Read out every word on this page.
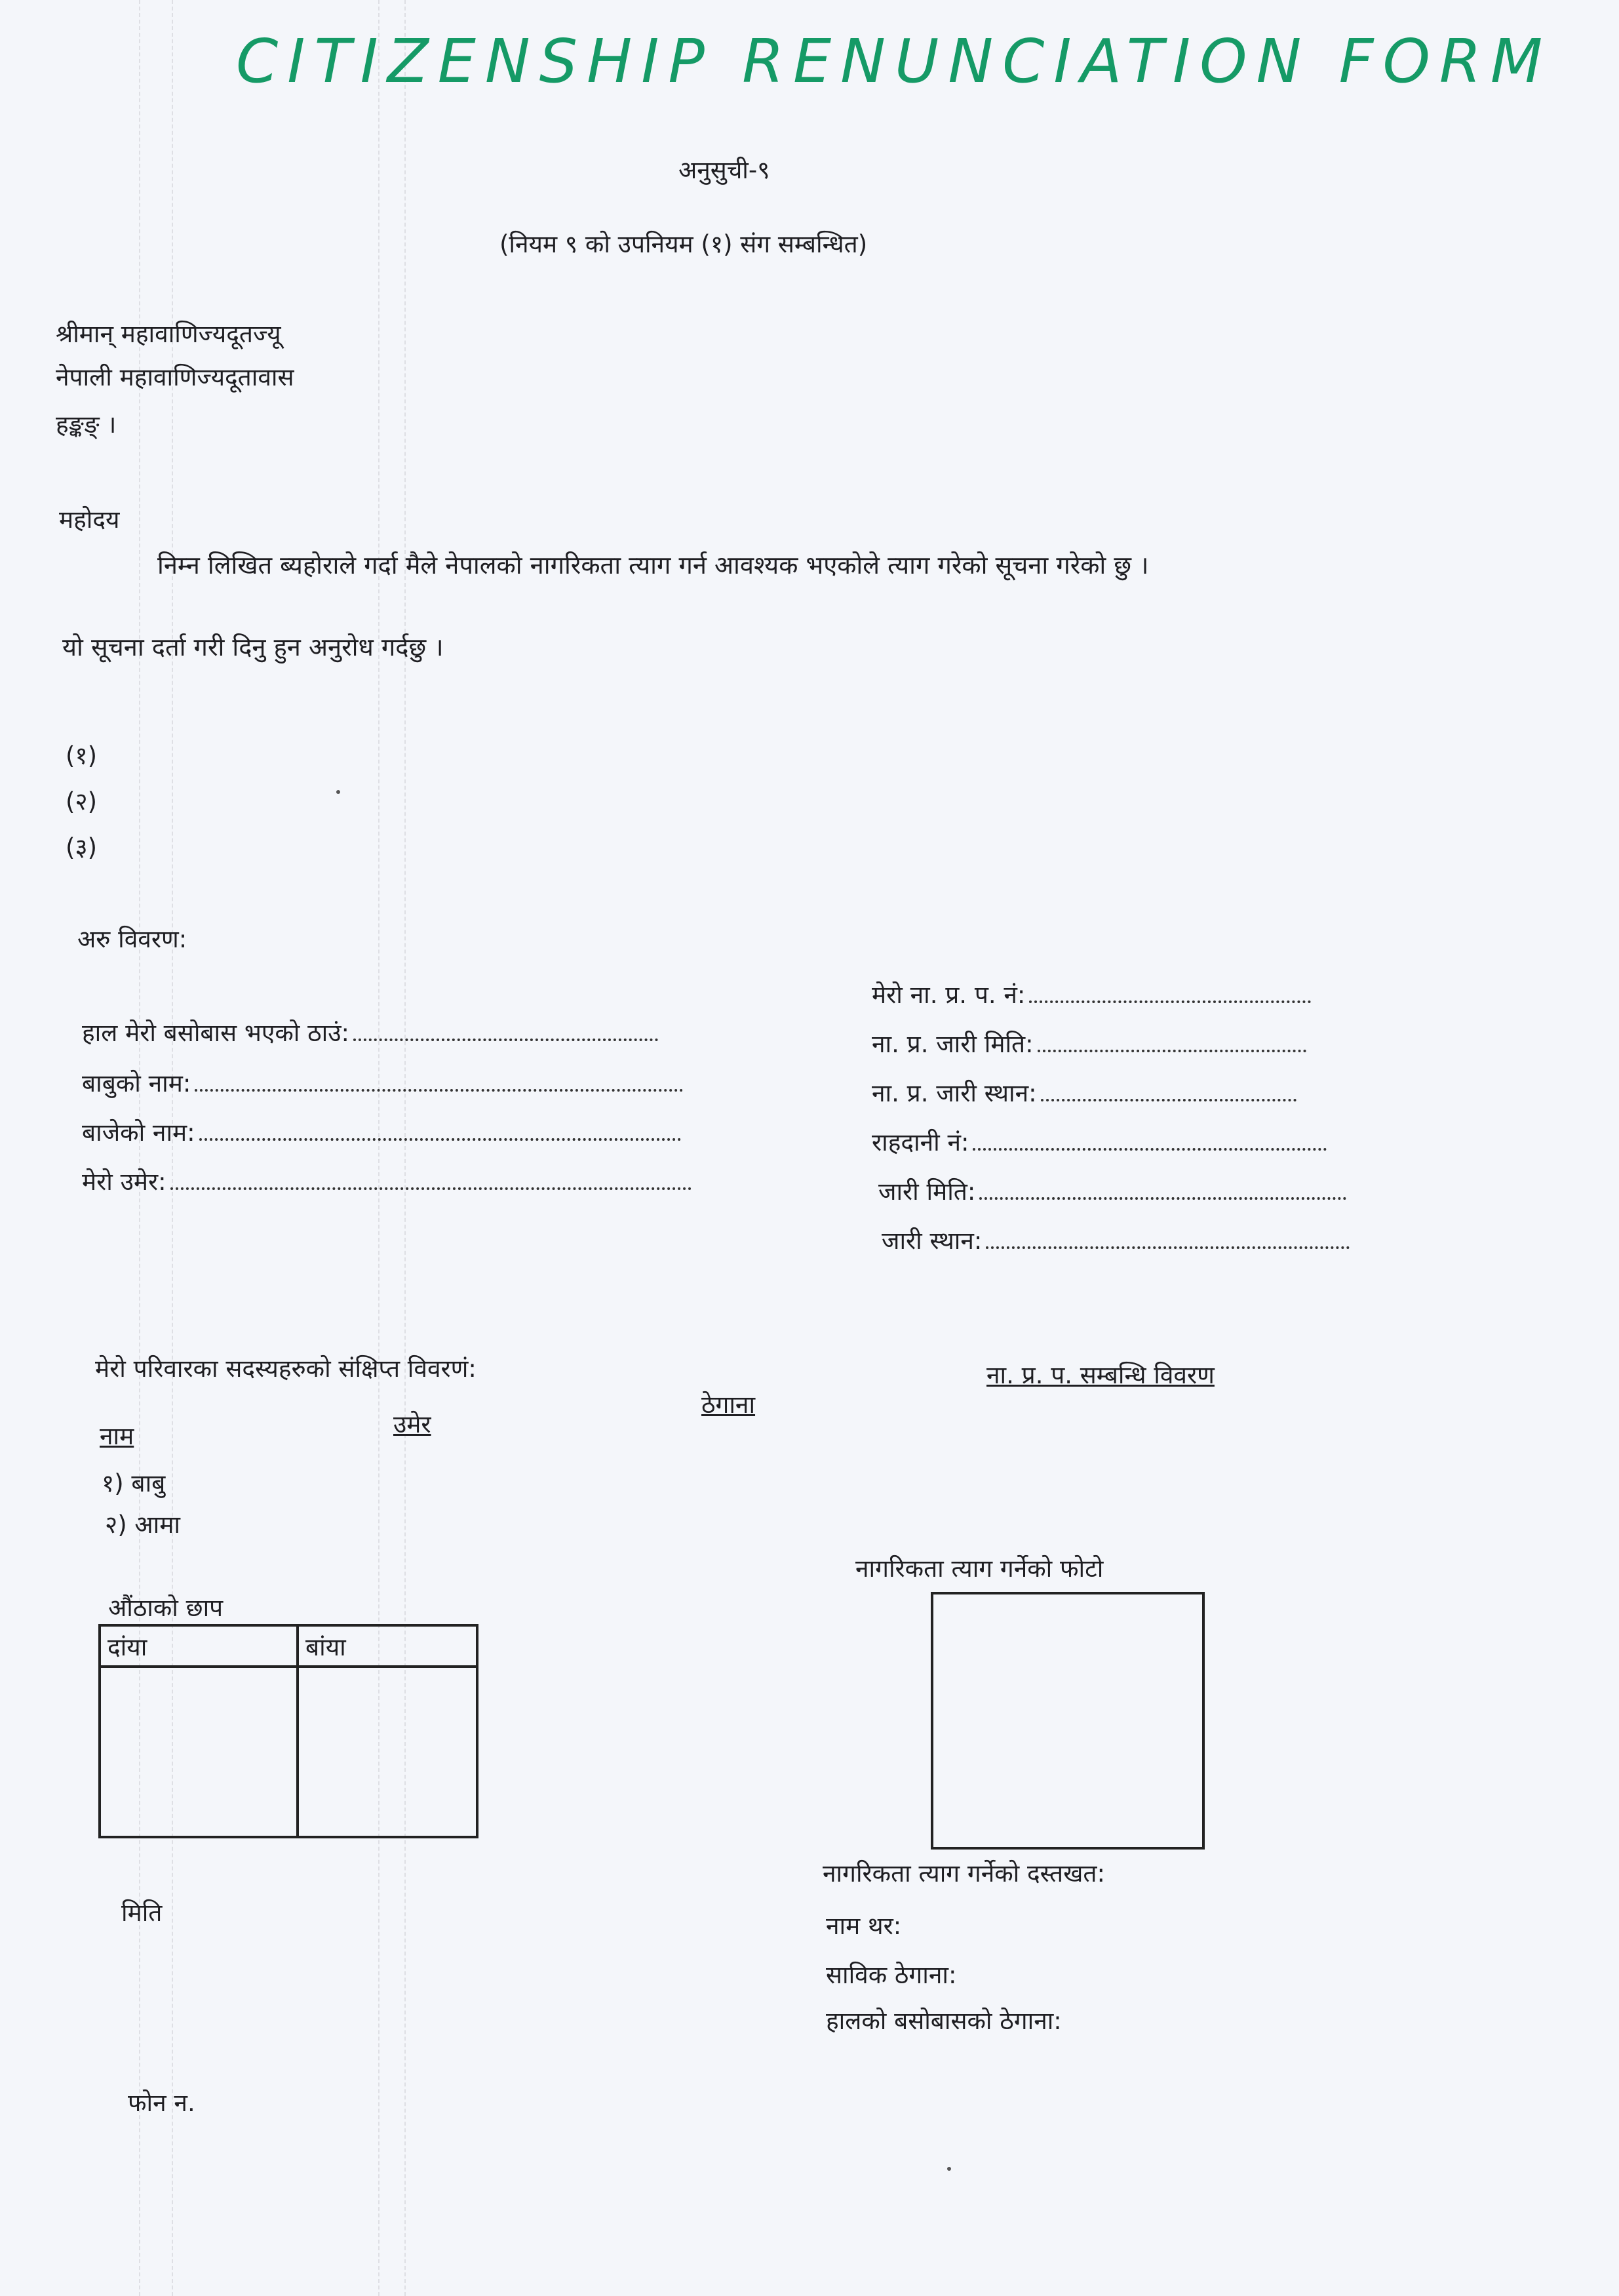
CITIZENSHIP RENUNCIATION FORM
अनुसुची-९
(नियम ९ को उपनियम (१) संग सम्बन्धित)
श्रीमान् महावाणिज्यदूतज्यू
नेपाली महावाणिज्यदूतावास
हङ्कङ् ।
महोदय
निम्न लिखित ब्यहोराले गर्दा मैले नेपालको नागरिकता त्याग गर्न आवश्यक भएकोले त्याग गरेको सूचना गरेको छु ।
यो सूचना दर्ता गरी दिनु हुन अनुरोध गर्दछु ।
(१)
(२)
(३)
अरु विवरण:
हाल मेरो बसोबास भएको ठाउं:
बाबुको नाम:
बाजेको नाम:
मेरो उमेर:
मेरो ना. प्र. प. नं:
ना. प्र. जारी मिति:
ना. प्र. जारी स्थान:
राहदानी नं:
जारी मिति:
जारी स्थान:
मेरो परिवारका सदस्यहरुको संक्षिप्त विवरणं:	ना. प्र. प. सम्बन्धि विवरण
ठेगाना
उमेर
नाम
१) बाबु
२) आमा
औंठाको छाप
दांया	बांया

मिति
नागरिकता त्याग गर्नेको फोटो
नागरिकता त्याग गर्नेको दस्तखत:
नाम थर:
साविक ठेगाना:
हालको बसोबासको ठेगाना:
फोन न.
